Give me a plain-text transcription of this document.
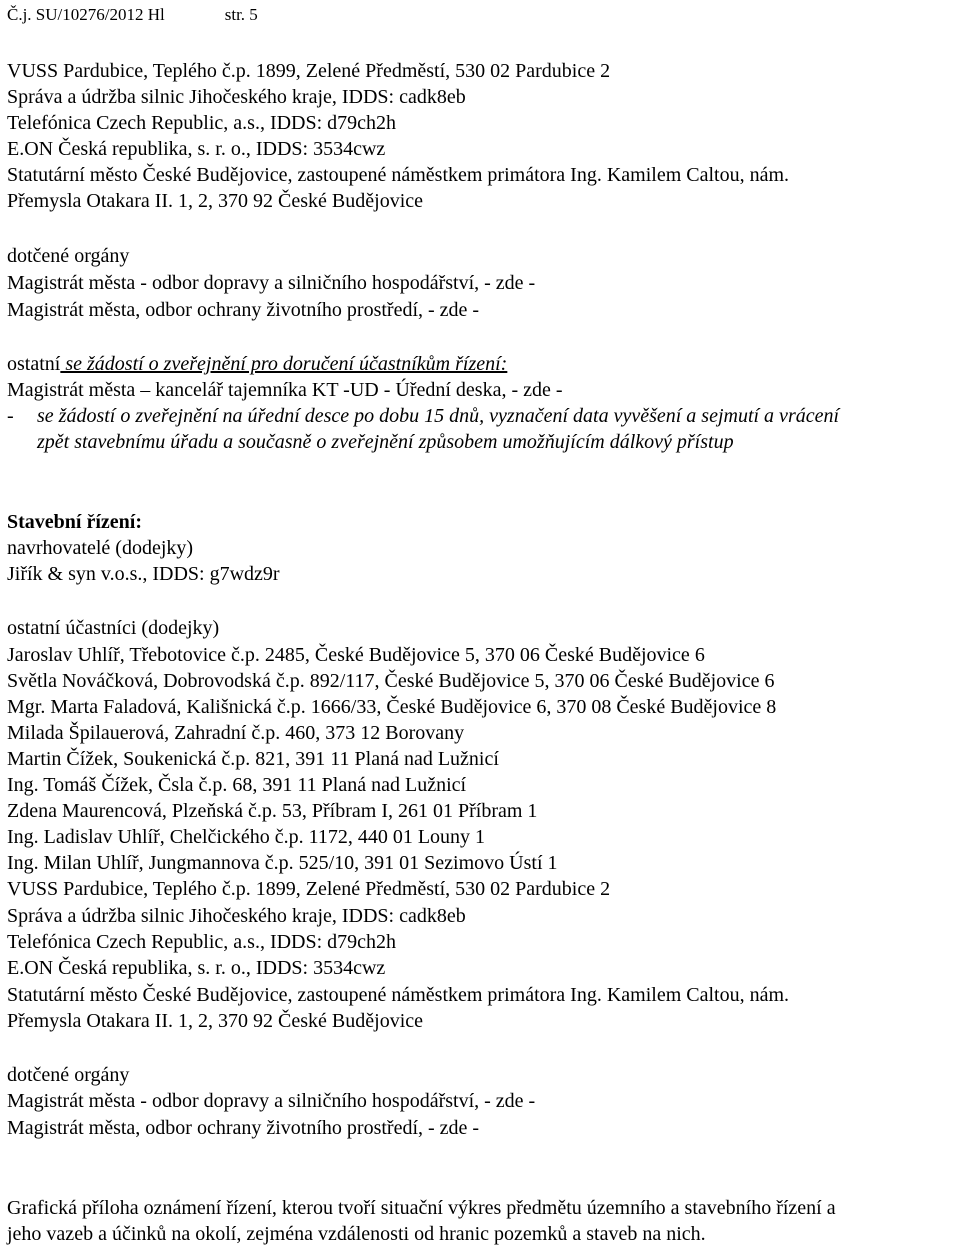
Č.j. SU/10276/2012 Hl	str. 5
VUSS Pardubice, Teplého č.p. 1899, Zelené Předměstí, 530 02 Pardubice 2
Správa a údržba silnic Jihočeského kraje, IDDS: cadk8eb
Telefónica Czech Republic, a.s., IDDS: d79ch2h
E.ON Česká republika, s. r. o., IDDS: 3534cwz
Statutární město České Budějovice, zastoupené náměstkem primátora Ing. Kamilem Caltou, nám.
Přemysla Otakara II. 1, 2, 370 92 České Budějovice
dotčené orgány
Magistrát města - odbor dopravy a silničního hospodářství, - zde -
Magistrát města, odbor ochrany životního prostředí, - zde -
ostatní se žádostí o zveřejnění pro doručení účastníkům řízení:
Magistrát města – kancelář tajemníka KT -UD - Úřední deska, - zde -
- se žádostí o zveřejnění na úřední desce po dobu 15 dnů, vyznačení data vyvěšení a sejmutí a vrácení
zpět stavebnímu úřadu a současně o zveřejnění způsobem umožňujícím dálkový přístup
Stavební řízení:
navrhovatelé (dodejky)
Jiřík & syn v.o.s., IDDS: g7wdz9r
ostatní účastníci (dodejky)
Jaroslav Uhlíř, Třebotovice č.p. 2485, České Budějovice 5, 370 06 České Budějovice 6
Světla Nováčková, Dobrovodská č.p. 892/117, České Budějovice 5, 370 06 České Budějovice 6
Mgr. Marta Faladová, Kališnická č.p. 1666/33, České Budějovice 6, 370 08 České Budějovice 8
Milada Špilauerová, Zahradní č.p. 460, 373 12 Borovany
Martin Čížek, Soukenická č.p. 821, 391 11 Planá nad Lužnicí
Ing. Tomáš Čížek, Čsla č.p. 68, 391 11 Planá nad Lužnicí
Zdena Maurencová, Plzeňská č.p. 53, Příbram I, 261 01 Příbram 1
Ing. Ladislav Uhlíř, Chelčického č.p. 1172, 440 01 Louny 1
Ing. Milan Uhlíř, Jungmannova č.p. 525/10, 391 01 Sezimovo Ústí 1
VUSS Pardubice, Teplého č.p. 1899, Zelené Předměstí, 530 02 Pardubice 2
Správa a údržba silnic Jihočeského kraje, IDDS: cadk8eb
Telefónica Czech Republic, a.s., IDDS: d79ch2h
E.ON Česká republika, s. r. o., IDDS: 3534cwz
Statutární město České Budějovice, zastoupené náměstkem primátora Ing. Kamilem Caltou, nám.
Přemysla Otakara II. 1, 2, 370 92 České Budějovice
dotčené orgány
Magistrát města - odbor dopravy a silničního hospodářství, - zde -
Magistrát města, odbor ochrany životního prostředí, - zde -
Grafická příloha oznámení řízení, kterou tvoří situační výkres předmětu územního a stavebního řízení a
jeho vazeb a účinků na okolí, zejména vzdálenosti od hranic pozemků a staveb na nich.
